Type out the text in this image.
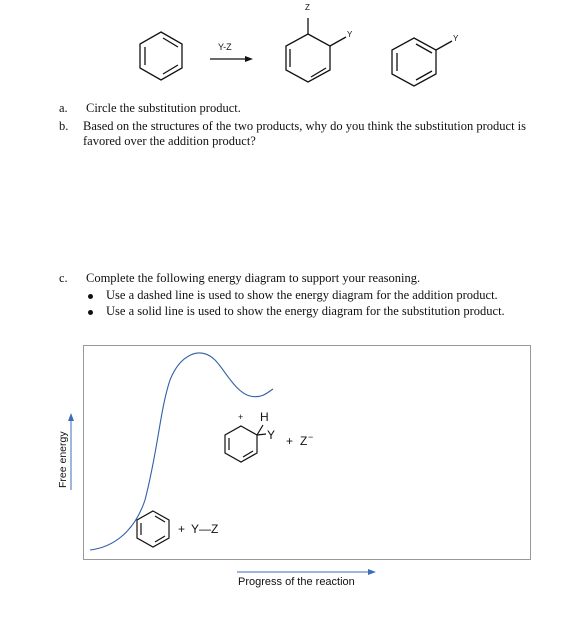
Y-Z
Z
Y	Y
a. Circle the substitution product.
b. Based on the structures of the two products, why do you think the substitution product is
favored over the addition product?
c. Complete the following energy diagram to support your reasoning.
Use a dashed line is used to show the energy diagram for the addition product.
Use a solid line is used to show the energy diagram for the substitution product.
+ Y—Z
+ H
Y + Z −
Free energy
Progress of the reaction
